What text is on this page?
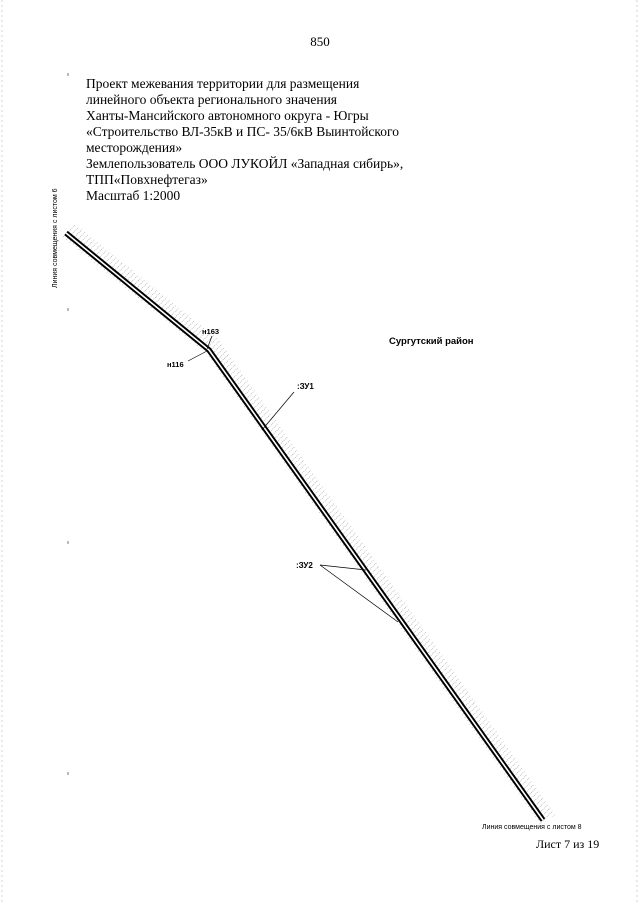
850
Проект межевания территории для размещения
линейного объекта регионального значения
Ханты-Мансийского автономного округа - Югры
«Строительство ВЛ-35кВ и ПС- 35/6кВ Выинтойского
месторождения»
Землепользователь ООО ЛУКОЙЛ «Западная сибирь»,
ТПП«Повхнефтегаз»
Масштаб 1:2000
н163
н116
:ЗУ1
:ЗУ2
Сургутский район
Линия совмещения с листом 6
Линия совмещения с листом 8
Лист 7 из 19
